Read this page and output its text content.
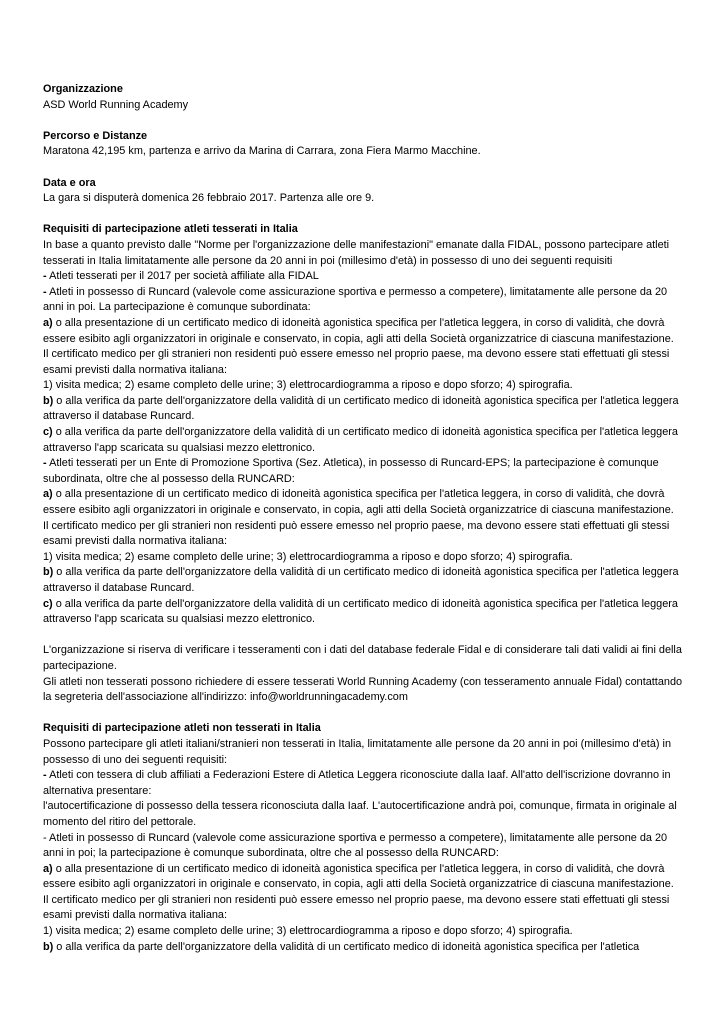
Organizzazione

ASD World Running Academy

Percorso e Distanze

Maratona 42,195 km, partenza e arrivo da Marina di Carrara, zona Fiera Marmo Macchine.

Data e ora

La gara si disputerà domenica 26 febbraio 2017. Partenza alle ore 9.

Requisiti di partecipazione atleti tesserati in Italia

In base a quanto previsto dalle "Norme per l'organizzazione delle manifestazioni" emanate dalla FIDAL, possono partecipare atleti tesserati in Italia limitatamente alle persone da 20 anni in poi (millesimo d'età) in possesso di uno dei seguenti requisiti

- Atleti tesserati per il 2017 per società affiliate alla FIDAL

- Atleti in possesso di Runcard (valevole come assicurazione sportiva e permesso a competere), limitatamente alle persone da 20 anni in poi. La partecipazione è comunque subordinata:

a) o alla presentazione di un certificato medico di idoneità agonistica specifica per l'atletica leggera, in corso di validità, che dovrà essere esibito agli organizzatori in originale e conservato, in copia, agli atti della Società organizzatrice di ciascuna manifestazione.

Il certificato medico per gli stranieri non residenti può essere emesso nel proprio paese, ma devono essere stati effettuati gli stessi esami previsti dalla normativa italiana:

1) visita medica; 2) esame completo delle urine; 3) elettrocardiogramma a riposo e dopo sforzo; 4) spirografia.

b) o alla verifica da parte dell'organizzatore della validità di un certificato medico di idoneità agonistica specifica per l'atletica leggera attraverso il database Runcard.

c) o alla verifica da parte dell'organizzatore della validità di un certificato medico di idoneità agonistica specifica per l'atletica leggera attraverso l'app scaricata su qualsiasi mezzo elettronico.

- Atleti tesserati per un Ente di Promozione Sportiva (Sez. Atletica), in possesso di Runcard-EPS; la partecipazione è comunque subordinata, oltre che al possesso della RUNCARD:

a) o alla presentazione di un certificato medico di idoneità agonistica specifica per l'atletica leggera, in corso di validità, che dovrà essere esibito agli organizzatori in originale e conservato, in copia, agli atti della Società organizzatrice di ciascuna manifestazione.

Il certificato medico per gli stranieri non residenti può essere emesso nel proprio paese, ma devono essere stati effettuati gli stessi esami previsti dalla normativa italiana:

1) visita medica; 2) esame completo delle urine; 3) elettrocardiogramma a riposo e dopo sforzo; 4) spirografia.

b) o alla verifica da parte dell'organizzatore della validità di un certificato medico di idoneità agonistica specifica per l'atletica leggera attraverso il database Runcard.

c) o alla verifica da parte dell'organizzatore della validità di un certificato medico di idoneità agonistica specifica per l'atletica leggera attraverso l'app scaricata su qualsiasi mezzo elettronico.

L'organizzazione si riserva di verificare i tesseramenti con i dati del database federale Fidal e di considerare tali dati validi ai fini della partecipazione.

Gli atleti non tesserati possono richiedere di essere tesserati World Running Academy (con tesseramento annuale Fidal) contattando la segreteria dell'associazione all'indirizzo: info@worldrunningacademy.com

Requisiti di partecipazione atleti non tesserati in Italia

Possono partecipare gli atleti italiani/stranieri non tesserati in Italia, limitatamente alle persone da 20 anni in poi (millesimo d'età) in possesso di uno dei seguenti requisiti:

- Atleti con tessera di club affiliati a Federazioni Estere di Atletica Leggera riconosciute dalla Iaaf. All'atto dell'iscrizione dovranno in alternativa presentare:

l'autocertificazione di possesso della tessera riconosciuta dalla Iaaf. L'autocertificazione andrà poi, comunque, firmata in originale al momento del ritiro del pettorale.

- Atleti in possesso di Runcard (valevole come assicurazione sportiva e permesso a competere), limitatamente alle persone da 20 anni in poi; la partecipazione è comunque subordinata, oltre che al possesso della RUNCARD:

a) o alla presentazione di un certificato medico di idoneità agonistica specifica per l'atletica leggera, in corso di validità, che dovrà essere esibito agli organizzatori in originale e conservato, in copia, agli atti della Società organizzatrice di ciascuna manifestazione.

Il certificato medico per gli stranieri non residenti può essere emesso nel proprio paese, ma devono essere stati effettuati gli stessi esami previsti dalla normativa italiana:

1) visita medica; 2) esame completo delle urine; 3) elettrocardiogramma a riposo e dopo sforzo; 4) spirografia.

b) o alla verifica da parte dell'organizzatore della validità di un certificato medico di idoneità agonistica specifica per l'atletica
